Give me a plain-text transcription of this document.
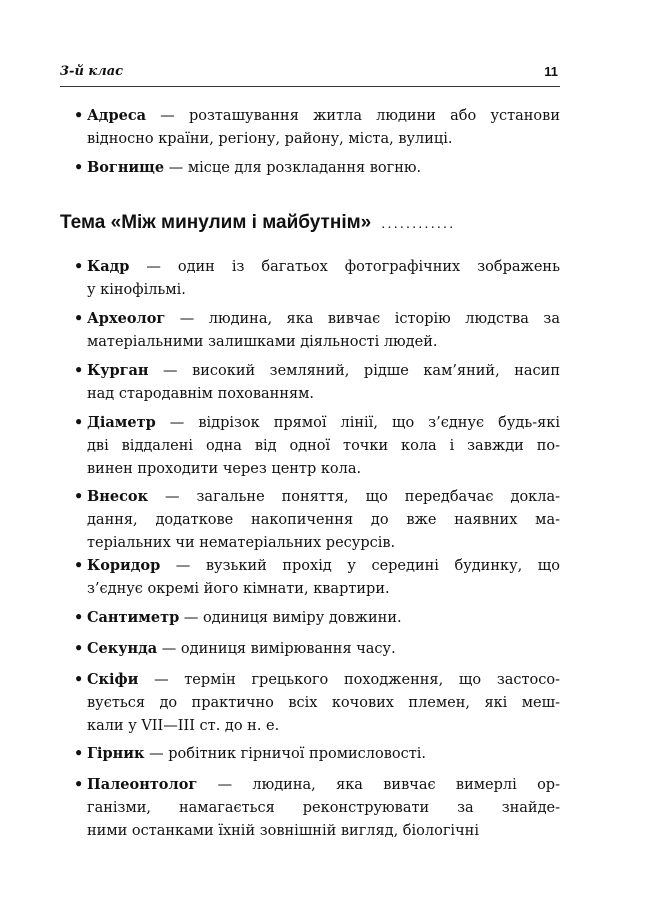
3-й клас	11
Тема «Між минулим і майбутнім» ............
• Адреса — розташування житла людини або установи
відносно країни, регіону, району, міста, вулиці.
• Вогнище — місце для розкладання вогню.
• Кадр — один із багатьох фотографічних зображень
у кінофільмі.
• Археолог — людина, яка вивчає історію людства за
матеріальними залишками діяльності людей.
• Курган — високий земляний, рідше кам’яний, насип
над стародавнім похованням.
• Діаметр — відрізок прямої лінії, що з’єднує будь-які
дві віддалені одна від одної точки кола і завжди по-
винен проходити через центр кола.
• Внесок — загальне поняття, що передбачає докла-
дання, додаткове накопичення до вже наявних ма-
теріальних чи нематеріальних ресурсів.
• Коридор — вузький прохід у середині будинку, що
з’єднує окремі його кімнати, квартири.
• Сантиметр — одиниця виміру довжини.
• Секунда — одиниця вимірювання часу.
• Скіфи — термін грецького походження, що застосо-
вується до практично всіх кочових племен, які меш-
кали у VII—III ст. до н. е.
• Гірник — робітник гірничої промисловості.
• Палеонтолог — людина, яка вивчає вимерлі ор-
ганізми, намагається реконструювати за знайде-
ними останками їхній зовнішній вигляд, біологічні
